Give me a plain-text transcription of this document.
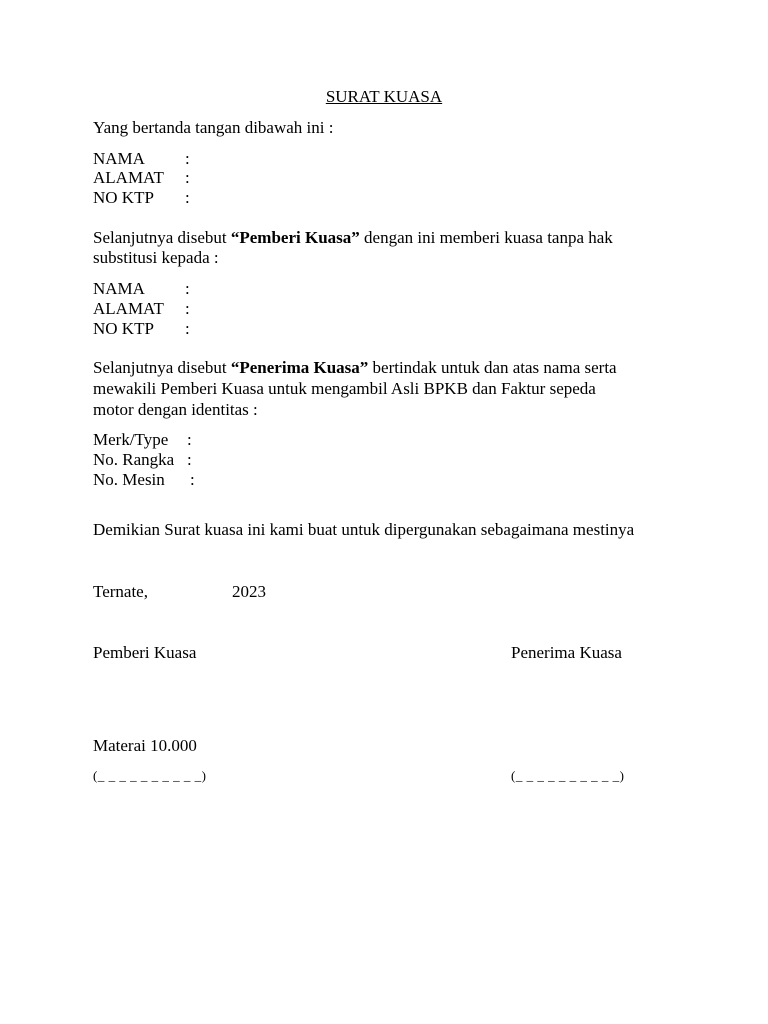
SURAT KUASA
Yang bertanda tangan dibawah ini :
NAMA :
ALAMAT :
NO KTP :
Selanjutnya disebut “Pemberi Kuasa” dengan ini memberi kuasa tanpa hak
substitusi kepada :
NAMA :
ALAMAT :
NO KTP :
Selanjutnya disebut “Penerima Kuasa” bertindak untuk dan atas nama serta
mewakili Pemberi Kuasa untuk mengambil Asli BPKB dan Faktur sepeda
motor dengan identitas :
Merk/Type :
No. Rangka :
No. Mesin :
Demikian Surat kuasa ini kami buat untuk dipergunakan sebagaimana mestinya
Ternate,	2023
Pemberi Kuasa	Penerima Kuasa
Materai 10.000
(_ _ _ _ _ _ _ _ _ _)	(_ _ _ _ _ _ _ _ _ _)
